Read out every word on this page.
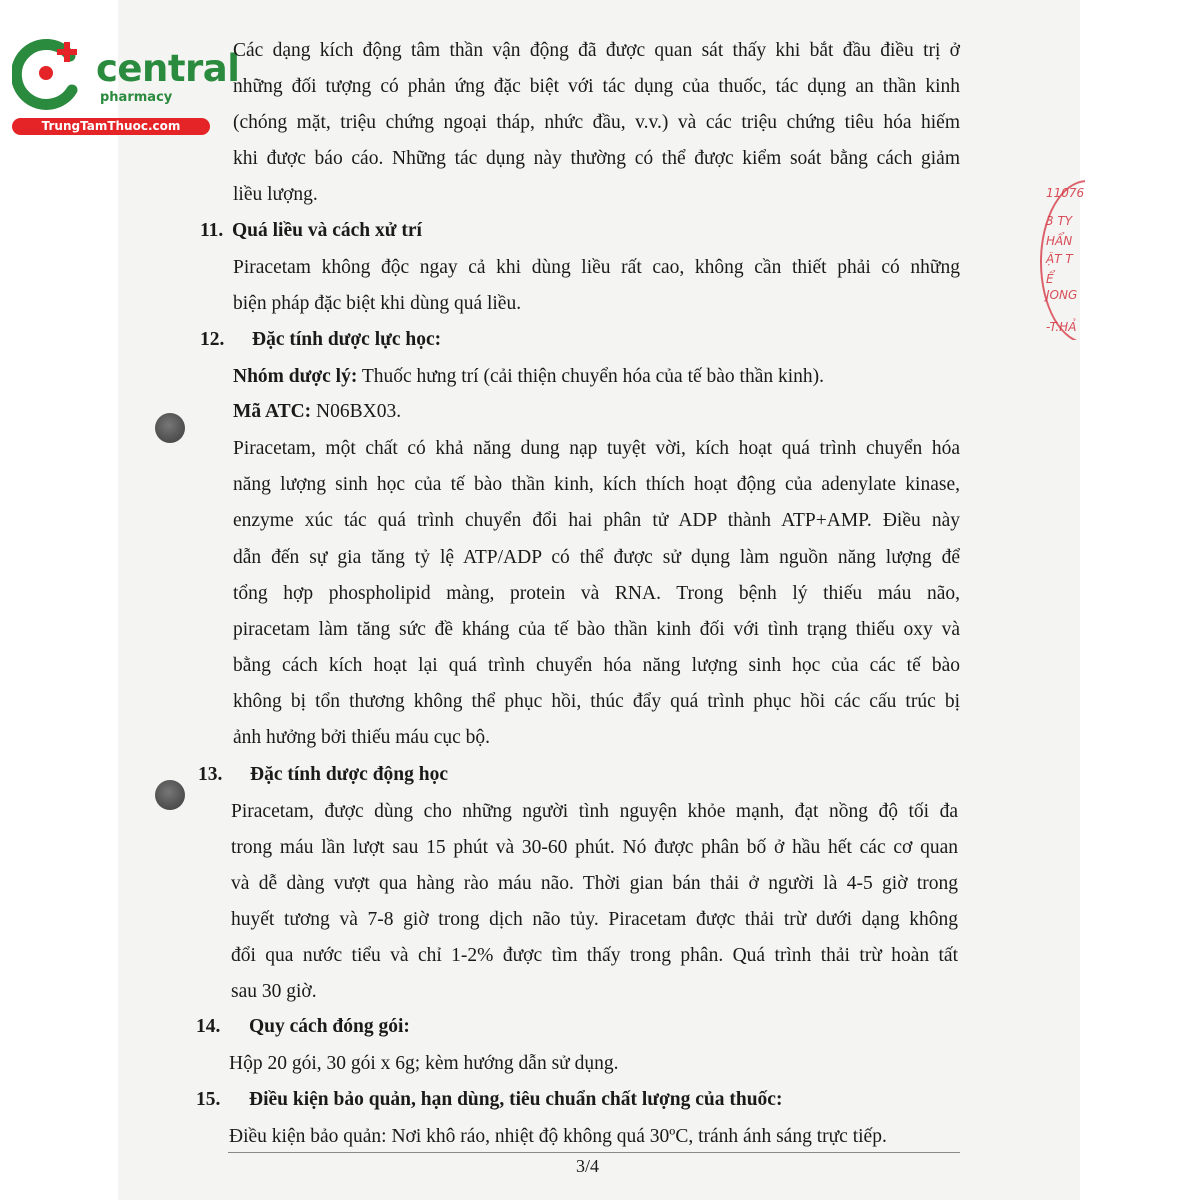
central
pharmacy
TrungTamThuoc.com
11076
3 TY
HẨN
ẬT T
Ể
JONG
-T.HẢ
Các dạng kích động tâm thần vận động đã được quan sát thấy khi bắt đầu điều trị ở
những đối tượng có phản ứng đặc biệt với tác dụng của thuốc, tác dụng an thần kinh
(chóng mặt, triệu chứng ngoại tháp, nhức đầu, v.v.) và các triệu chứng tiêu hóa hiếm
khi được báo cáo. Những tác dụng này thường có thể được kiểm soát bằng cách giảm
liều lượng.
11. Quá liều và cách xử trí
Piracetam không độc ngay cả khi dùng liều rất cao, không cần thiết phải có những
biện pháp đặc biệt khi dùng quá liều.
12. Đặc tính dược lực học:
Nhóm dược lý: Thuốc hưng trí (cải thiện chuyển hóa của tế bào thần kinh).
Mã ATC: N06BX03.
Piracetam, một chất có khả năng dung nạp tuyệt vời, kích hoạt quá trình chuyển hóa
năng lượng sinh học của tế bào thần kinh, kích thích hoạt động của adenylate kinase,
enzyme xúc tác quá trình chuyển đổi hai phân tử ADP thành ATP+AMP. Điều này
dẫn đến sự gia tăng tỷ lệ ATP/ADP có thể được sử dụng làm nguồn năng lượng để
tổng hợp phospholipid màng, protein và RNA. Trong bệnh lý thiếu máu não,
piracetam làm tăng sức đề kháng của tế bào thần kinh đối với tình trạng thiếu oxy và
bằng cách kích hoạt lại quá trình chuyển hóa năng lượng sinh học của các tế bào
không bị tổn thương không thể phục hồi, thúc đẩy quá trình phục hồi các cấu trúc bị
ảnh hưởng bởi thiếu máu cục bộ.
13. Đặc tính dược động học
Piracetam, được dùng cho những người tình nguyện khỏe mạnh, đạt nồng độ tối đa
trong máu lần lượt sau 15 phút và 30-60 phút. Nó được phân bố ở hầu hết các cơ quan
và dễ dàng vượt qua hàng rào máu não. Thời gian bán thải ở người là 4-5 giờ trong
huyết tương và 7-8 giờ trong dịch não tủy. Piracetam được thải trừ dưới dạng không
đổi qua nước tiểu và chỉ 1-2% được tìm thấy trong phân. Quá trình thải trừ hoàn tất
sau 30 giờ.
14. Quy cách đóng gói:
Hộp 20 gói, 30 gói x 6g; kèm hướng dẫn sử dụng.
15. Điều kiện bảo quản, hạn dùng, tiêu chuẩn chất lượng của thuốc:
Điều kiện bảo quản: Nơi khô ráo, nhiệt độ không quá 30ºC, tránh ánh sáng trực tiếp.
3/4
